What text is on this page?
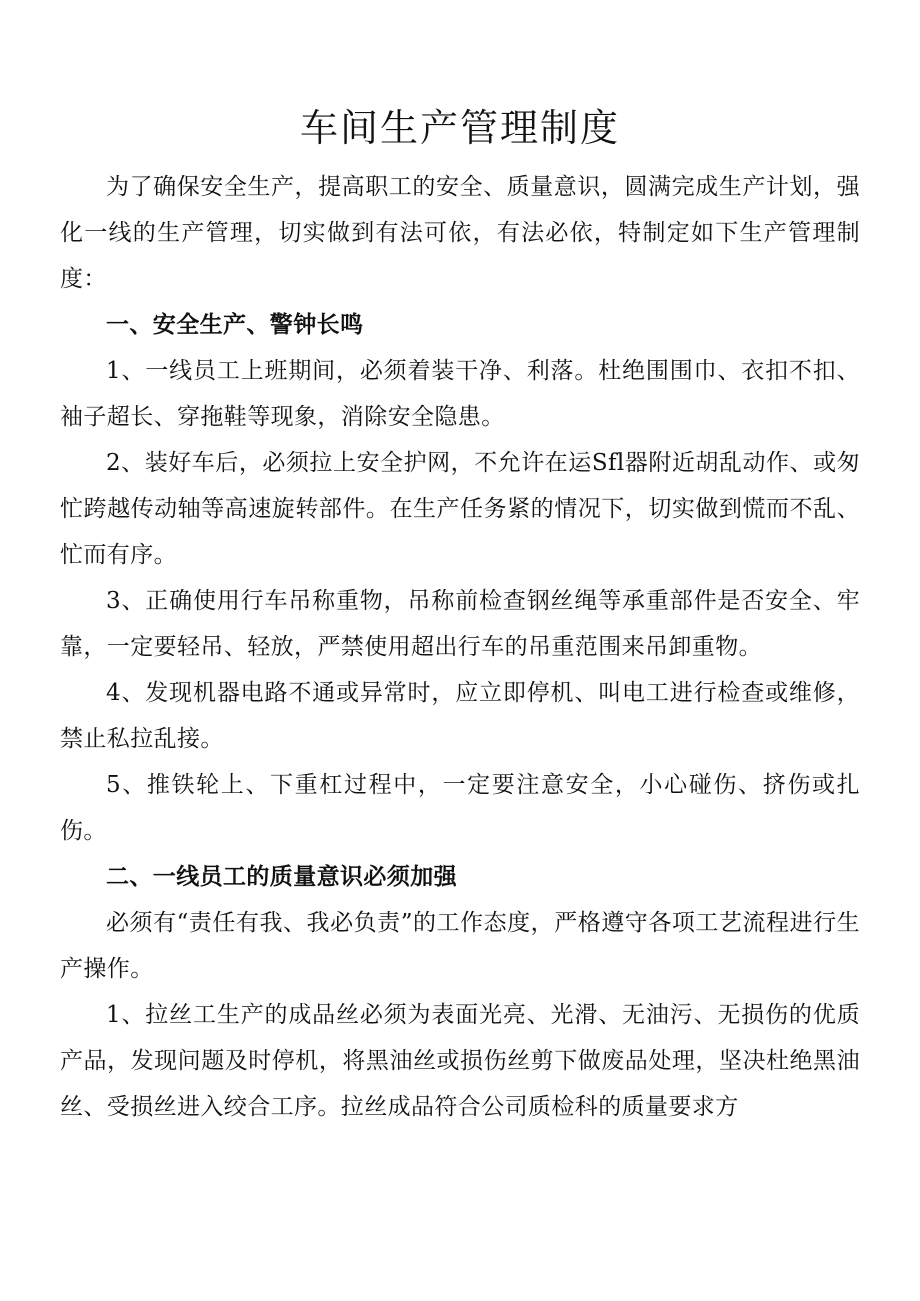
车间生产管理制度

为了确保安全生产，提高职工的安全、质量意识，圆满完成生产计划，强化一线的生产管理，切实做到有法可依，有法必依，特制定如下生产管理制度：

一、安全生产、警钟长鸣

1、一线员工上班期间，必须着装干净、利落。杜绝围围巾、衣扣不扣、袖子超长、穿拖鞋等现象，消除安全隐患。

2、装好车后，必须拉上安全护网，不允许在运Sfl器附近胡乱动作、或匆忙跨越传动轴等高速旋转部件。在生产任务紧的情况下，切实做到慌而不乱、忙而有序。

3、正确使用行车吊称重物，吊称前检查钢丝绳等承重部件是否安全、牢靠，一定要轻吊、轻放，严禁使用超出行车的吊重范围来吊卸重物。

4、发现机器电路不通或异常时，应立即停机、叫电工进行检查或维修，禁止私拉乱接。

5、推铁轮上、下重杠过程中，一定要注意安全，小心碰伤、挤伤或扎伤。

二、一线员工的质量意识必须加强

必须有“责任有我、我必负责”的工作态度，严格遵守各项工艺流程进行生产操作。

1、拉丝工生产的成品丝必须为表面光亮、光滑、无油污、无损伤的优质产品，发现问题及时停机，将黑油丝或损伤丝剪下做废品处理，坚决杜绝黑油丝、受损丝进入绞合工序。拉丝成品符合公司质检科的质量要求方
